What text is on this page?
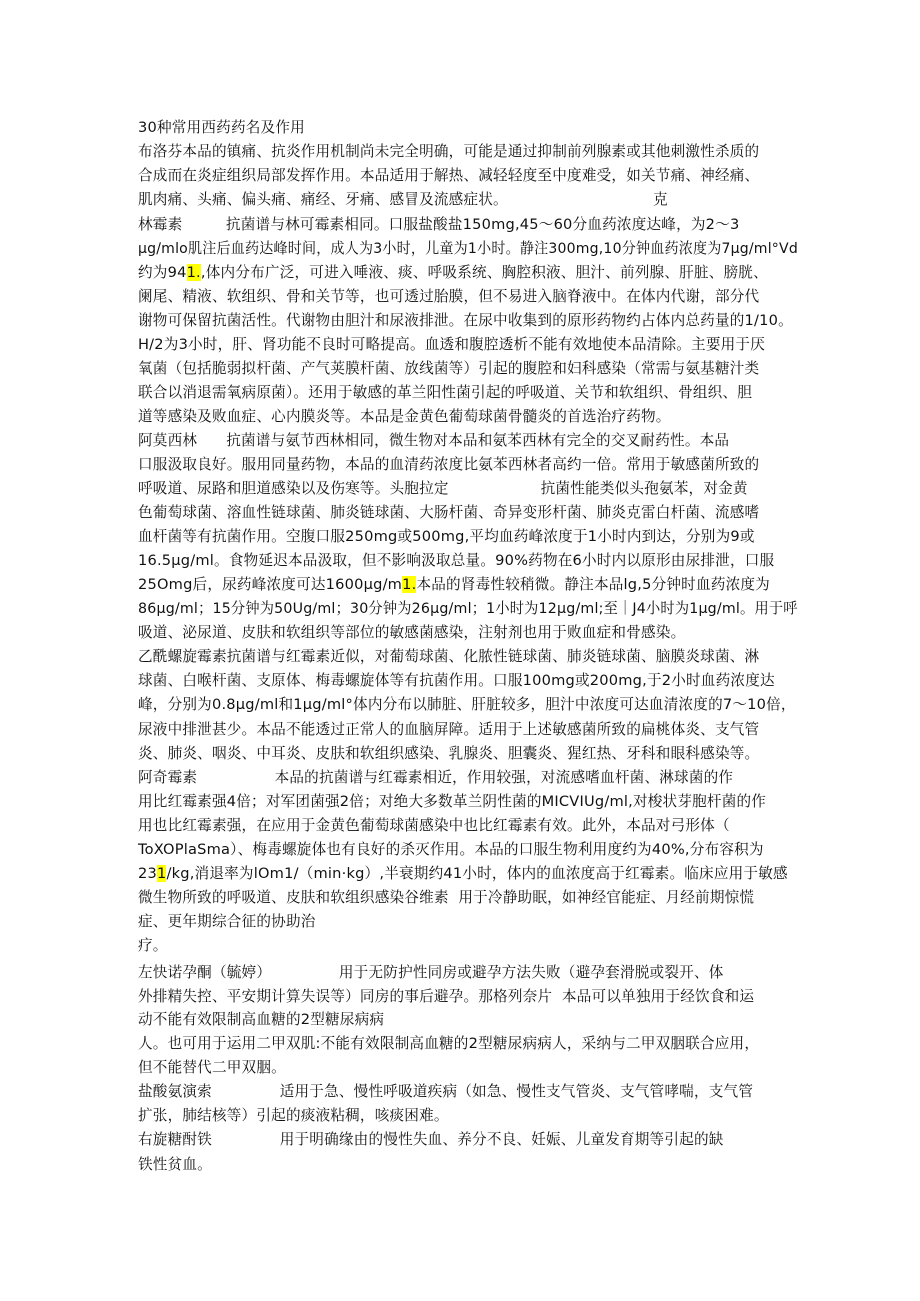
30种常用西药药名及作用
布洛芬本品的镇痛、抗炎作用机制尚未完全明确，可能是通过抑制前列腺素或其他刺激性杀质的
合成而在炎症组织局部发挥作用。本品适用于解热、减轻轻度至中度难受，如关节痛、神经痛、
肌肉痛、头痛、偏头痛、痛经、牙痛、感冒及流感症状。                              克
林霉素         抗菌谱与林可霉素相同。口服盐酸盐150mg,45～60分血药浓度达峰，为2～3
μg∕mlo肌注后血药达峰时间，成人为3小时，儿童为1小时。静注300mg,10分钟血药浓度为7μg∕ml°Vd
约为941.,体内分布广泛，可进入唾液、痰、呼吸系统、胸腔积液、胆汁、前列腺、肝脏、膀胱、
阑尾、精液、软组织、骨和关节等，也可透过胎膜，但不易进入脑脊液中。在体内代谢，部分代
谢物可保留抗菌活性。代谢物由胆汁和尿液排泄。在尿中收集到的原形药物约占体内总药量的1/10。
H/2为3小时，肝、肾功能不良时可略提高。血透和腹腔透析不能有效地使本品清除。主要用于厌
氧菌（包括脆弱拟杆菌、产气荚膜杆菌、放线菌等）引起的腹腔和妇科感染（常需与氨基糖汁类
联合以消退需氧病原菌）。还用于敏感的革兰阳性菌引起的呼吸道、关节和软组织、骨组织、胆
道等感染及败血症、心内膜炎等。本品是金黄色葡萄球菌骨髓炎的首选治疗药物。
阿莫西林      抗菌谱与氨节西林相同，微生物对本品和氨苯西林有完全的交叉耐药性。本品
口服汲取良好。服用同量药物，本品的血清药浓度比氨苯西林者高约一倍。常用于敏感菌所致的
呼吸道、尿路和胆道感染以及伤寒等。头胞拉定                   抗菌性能类似头孢氨苯，对金黄
色葡萄球菌、溶血性链球菌、肺炎链球菌、大肠杆菌、奇异变形杆菌、肺炎克雷白杆菌、流感嗜
血杆菌等有抗菌作用。空腹口服250mg或500mg,平均血药峰浓度于1小时内到达，分别为9或
16.5μg∕ml。食物延迟本品汲取，但不影响汲取总量。90%药物在6小时内以原形由尿排泄，口服
25Omg后，尿药峰浓度可达1600μg∕m1.本品的肾毒性较稍微。静注本品lg,5分钟时血药浓度为
86μg∕ml；15分钟为50Ug/ml；30分钟为26μg∕ml；1小时为12μg∕ml;至｜J4小时为1μg∕ml。用于呼
吸道、泌尿道、皮肤和软组织等部位的敏感菌感染，注射剂也用于败血症和骨感染。
乙酰螺旋霉素抗菌谱与红霉素近似，对葡萄球菌、化脓性链球菌、肺炎链球菌、脑膜炎球菌、淋
球菌、白喉杆菌、支原体、梅毒螺旋体等有抗菌作用。口服100mg或200mg,于2小时血药浓度达
峰，分别为0.8μg∕ml和1μg∕ml°体内分布以肺脏、肝脏较多，胆汁中浓度可达血清浓度的7～10倍，
尿液中排泄甚少。本品不能透过正常人的血脑屏障。适用于上述敏感菌所致的扁桃体炎、支气管
炎、肺炎、咽炎、中耳炎、皮肤和软组织感染、乳腺炎、胆囊炎、猩红热、牙科和眼科感染等。
阿奇霉素                本品的抗菌谱与红霉素相近，作用较强，对流感嗜血杆菌、淋球菌的作
用比红霉素强4倍；对军团菌强2倍；对绝大多数革兰阴性菌的MICVIUg/ml,对梭状芽胞杆菌的作
用也比红霉素强，在应用于金黄色葡萄球菌感染中也比红霉素有效。此外，本品对弓形体（
ToXOPlaSma）、梅毒螺旋体也有良好的杀灭作用。本品的口服生物利用度约为40%,分布容积为
231∕kg,消退率为lOm1/（min·kg）,半衰期约41小时，体内的血浓度高于红霉素。临床应用于敏感
微生物所致的呼吸道、皮肤和软组织感染谷维素  用于冷静助眠，如神经官能症、月经前期惊慌
症、更年期综合征的协助治
疗。
左快诺孕酮（毓婷）              用于无防护性同房或避孕方法失败（避孕套滑脱或裂开、体
外排精失控、平安期计算失误等）同房的事后避孕。那格列奈片  本品可以单独用于经饮食和运
动不能有效限制高血糖的2型糖尿病病
人。也可用于运用二甲双肌:不能有效限制高血糖的2型糖尿病病人，采纳与二甲双胭联合应用，
但不能替代二甲双胭。
盐酸氨演索              适用于急、慢性呼吸道疾病（如急、慢性支气管炎、支气管哮喘，支气管
扩张，肺结核等）引起的痰液粘稠，咳痰困难。
右旋糖酎铁              用于明确缘由的慢性失血、养分不良、妊娠、儿童发育期等引起的缺
铁性贫血。
